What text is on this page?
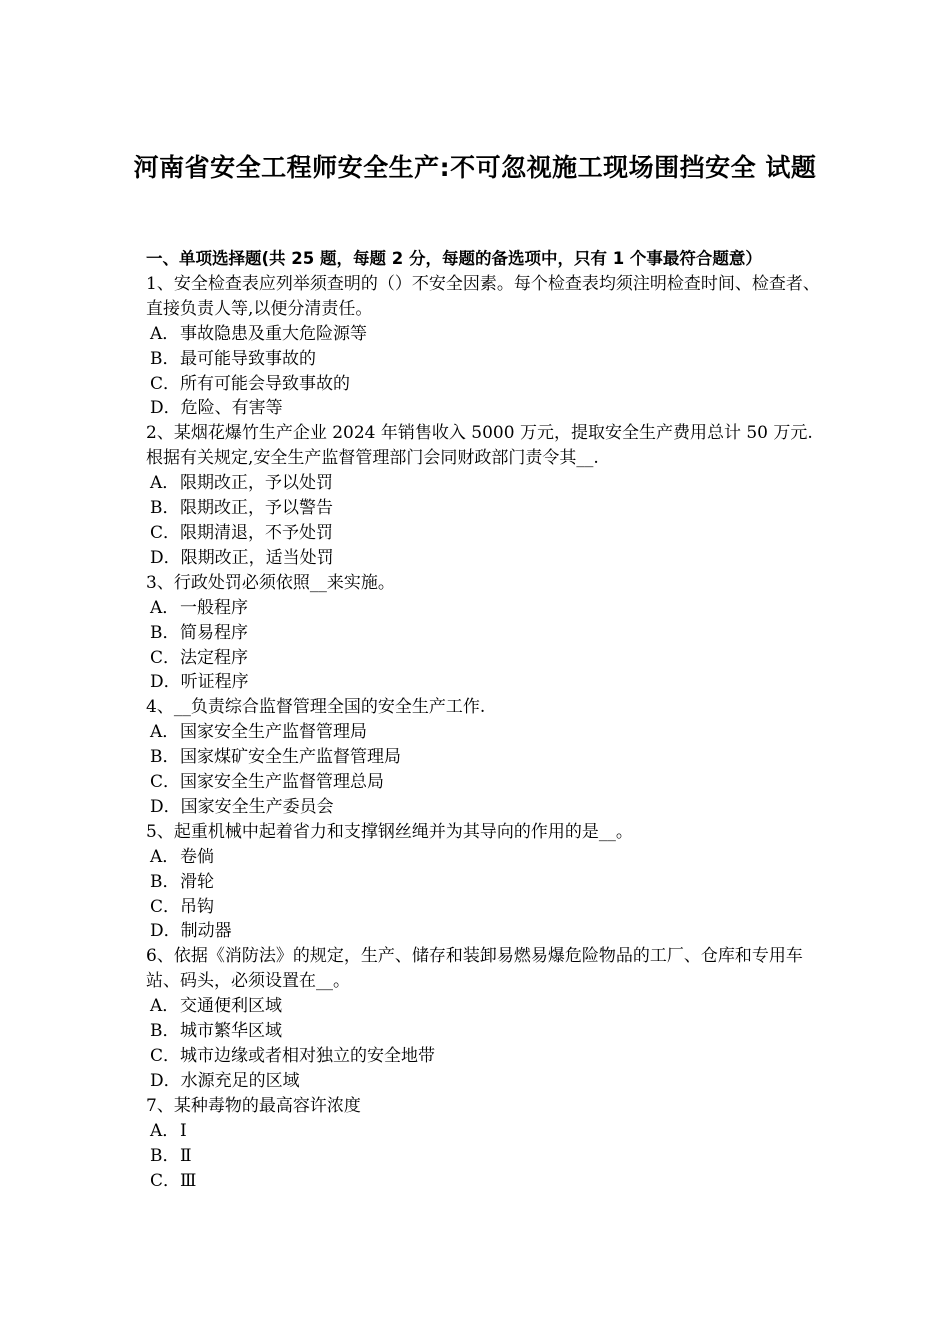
河南省安全工程师安全生产:不可忽视施工现场围挡安全 试题
一、单项选择题(共 25 题，每题 2 分，每题的备选项中，只有 1 个事最符合题意）
1、安全检查表应列举须查明的（）不安全因素。每个检查表均须注明检查时间、检查者、直接负责人等,以便分清责任。
A．事故隐患及重大危险源等
B．最可能导致事故的
C．所有可能会导致事故的
D．危险、有害等
2、某烟花爆竹生产企业 2024 年销售收入 5000 万元，提取安全生产费用总计 50 万元.根据有关规定,安全生产监督管理部门会同财政部门责令其__.
A．限期改正，予以处罚
B．限期改正，予以警告
C．限期清退，不予处罚
D．限期改正，适当处罚
3、行政处罚必须依照__来实施。
A．一般程序
B．简易程序
C．法定程序
D．听证程序
4、__负责综合监督管理全国的安全生产工作.
A．国家安全生产监督管理局
B．国家煤矿安全生产监督管理局
C．国家安全生产监督管理总局
D．国家安全生产委员会
5、起重机械中起着省力和支撑钢丝绳并为其导向的作用的是__。
A．卷倘
B．滑轮
C．吊钩
D．制动器
6、依据《消防法》的规定，生产、储存和装卸易燃易爆危险物品的工厂、仓库和专用车站、码头，必须设置在__。
A．交通便利区域
B．城市繁华区域
C．城市边缘或者相对独立的安全地带
D．水源充足的区域
7、某种毒物的最高容许浓度
A．Ⅰ
B．Ⅱ
C．Ⅲ
